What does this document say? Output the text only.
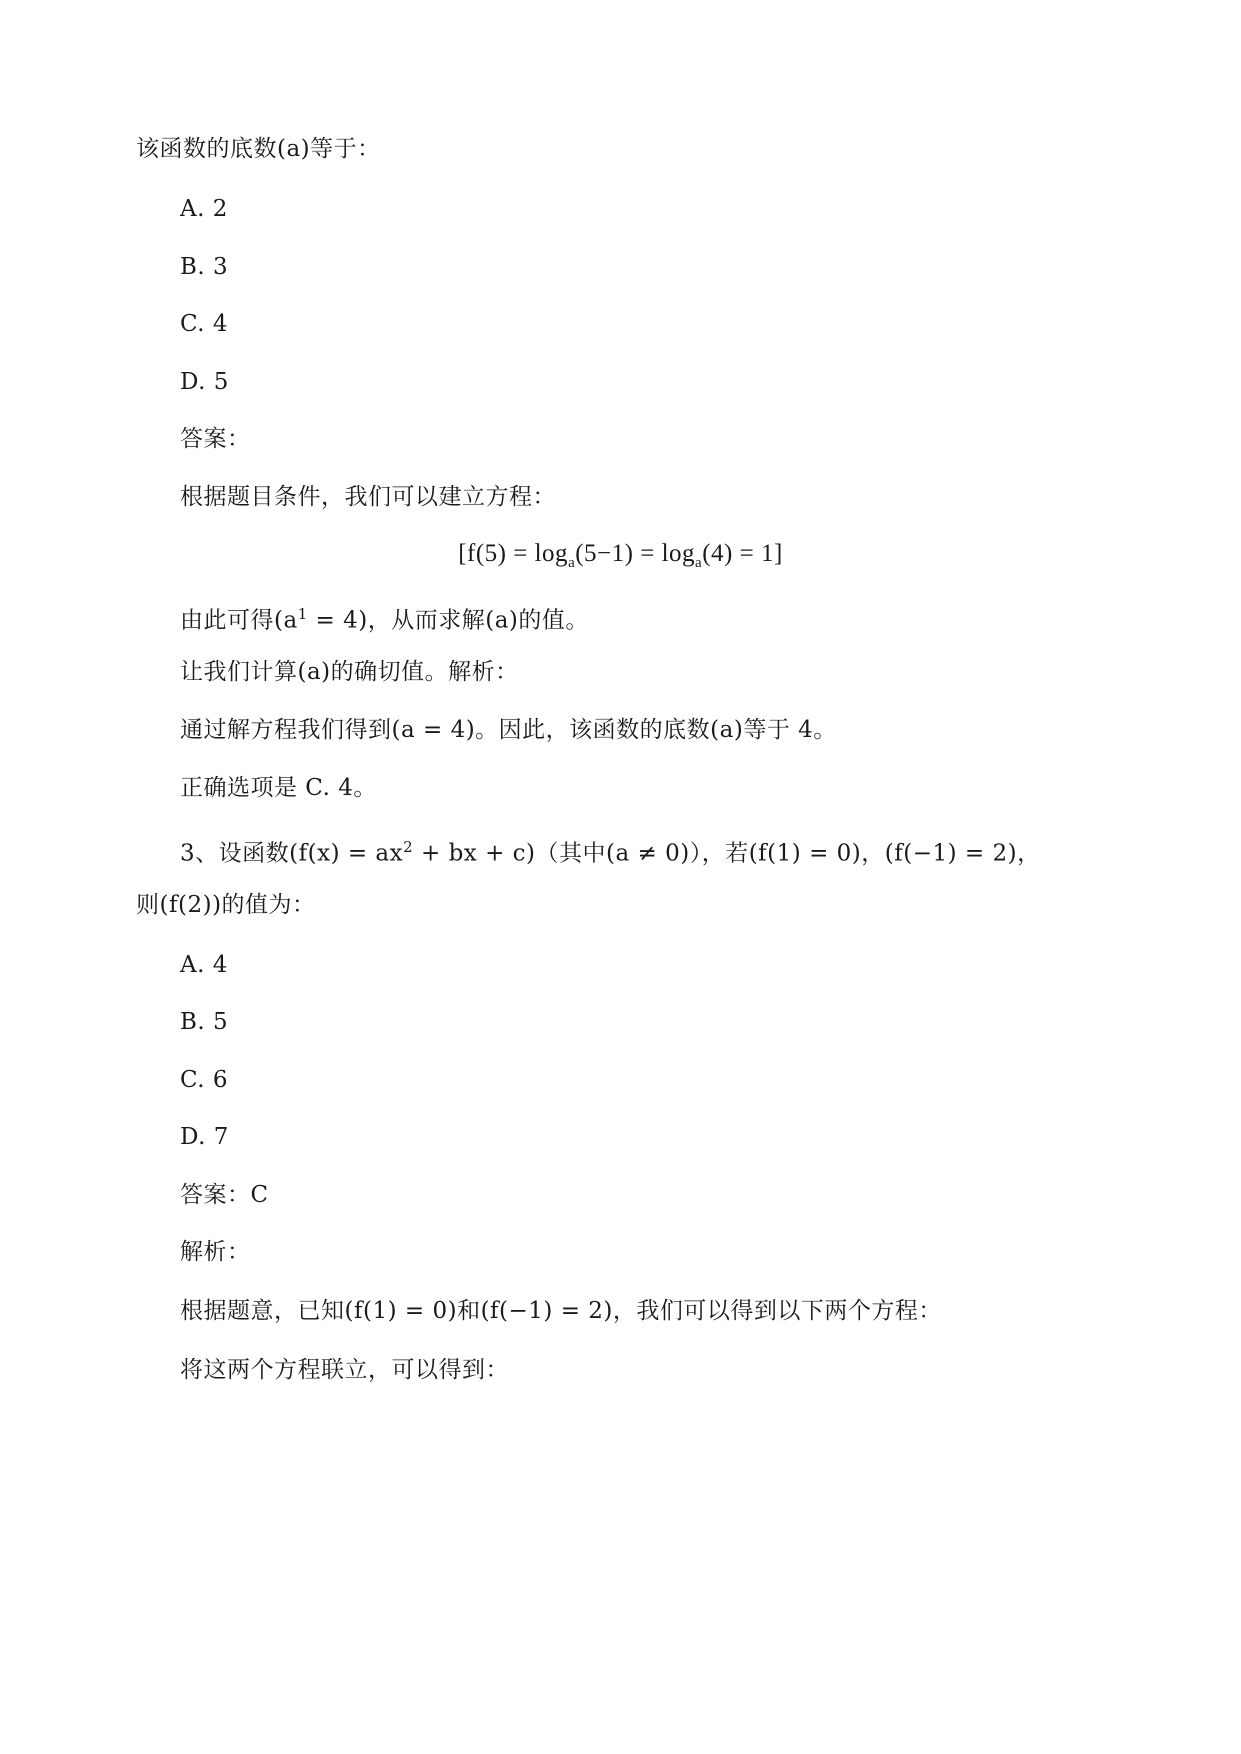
该函数的底数(a)等于：
A. 2
B. 3
C. 4
D. 5
答案：
根据题目条件，我们可以建立方程：
$[f(5) = \log_a(5-1) = \log_a(4) = 1]$
由此可得$(a^1 = 4)$，从而求解(a)的值。
让我们计算(a)的确切值。解析：
通过解方程我们得到(a = 4)。因此，该函数的底数(a)等于 4。
正确选项是 C. 4。
3、设函数($f(x) = ax^2$ + bx + c)（其中(a ≠ 0)），若(f(1) = 0)，(f(−1) = 2)，
则(f(2))的值为：
A. 4
B. 5
C. 6
D. 7
答案：C
解析：
根据题意，已知(f(1) = 0)和(f(−1) = 2)，我们可以得到以下两个方程：
将这两个方程联立，可以得到：
